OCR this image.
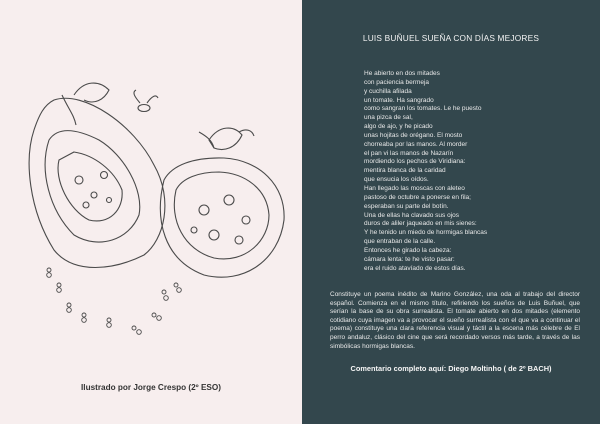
Ilustrado por Jorge Crespo (2º ESO)
LUIS BUÑUEL SUEÑA CON DÍAS MEJORES
He abierto en dos mitades
con paciencia bermeja
y cuchilla afilada
un tomate. Ha sangrado
como sangran los tomates. Le he puesto
una pizca de sal,
algo de ajo, y he picado
unas hojitas de orégano. El mosto
chorreaba por las manos. Al morder
el pan vi las manos de Nazarín
mordiendo los pechos de Viridiana:
mentira blanca de la caridad
que ensucia los oídos.
Han llegado las moscas con aleteo
pastoso de octubre a ponerse en fila;
esperaban su parte del botín.
Una de ellas ha clavado sus ojos
duros de aliler jaqueado en mis sienes:
Y he tenido un miedo de hormigas blancas
que entraban de la calle.
Entonces he girado la cabeza:
cámara lenta: te he visto pasar:
era el ruido atavíado de estos días.
Constituye un poema inédito de Marino González, una oda al trabajo del director español. Comienza en el mismo título, refiriendo los sueños de Luis Buñuel, que serían la base de su obra surrealista. El tomate abierto en dos mitades (elemento cotidiano cuya imagen va a provocar el sueño surrealista con el que va a continuar el poema) constituye una clara referencia visual y táctil a la escena más célebre de El perro andaluz, clásico del cine que será recordado versos más tarde, a través de las simbólicas hormigas blancas.
Comentario completo aquí: Diego Moltinho ( de 2º BACH)
